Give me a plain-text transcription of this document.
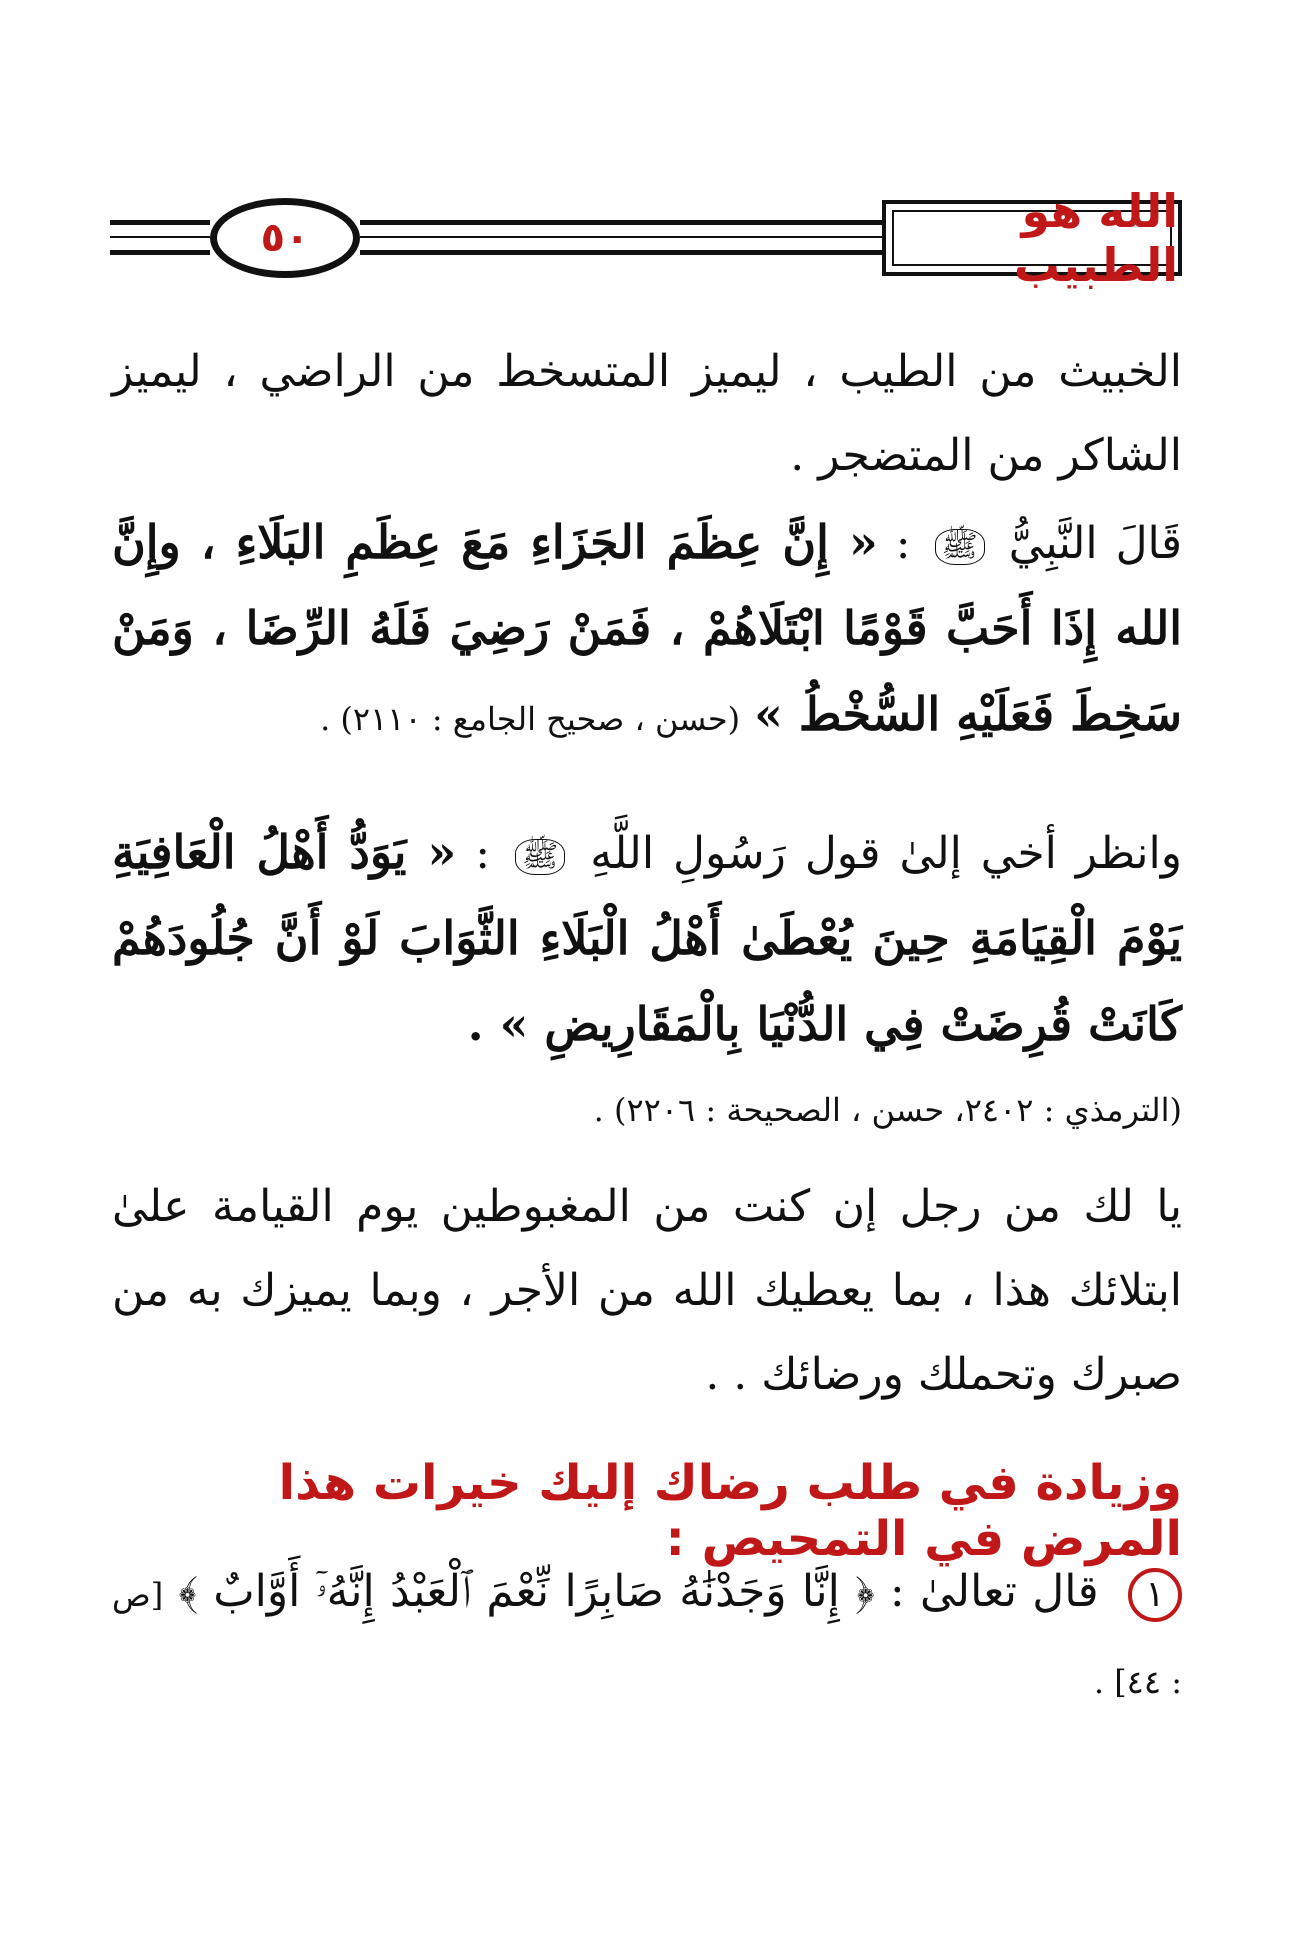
٥٠	الله هو الطبيب
الخبيث من الطيب ، ليميز المتسخط من الراضي ، ليميز الشاكر من المتضجر .
قَالَ النَّبِيُّ ﷺ : « إِنَّ عِظَمَ الجَزَاءِ مَعَ عِظَمِ البَلَاءِ ، وإِنَّ الله إِذَا أَحَبَّ قَوْمًا ابْتَلَاهُمْ ، فَمَنْ رَضِيَ فَلَهُ الرِّضَا ، وَمَنْ سَخِطَ فَعَلَيْهِ السُّخْطُ » (حسن ، صحيح الجامع : ٢١١٠) .
وانظر أخي إلىٰ قول رَسُولِ اللَّهِ ﷺ : « يَوَدُّ أَهْلُ الْعَافِيَةِ يَوْمَ الْقِيَامَةِ حِينَ يُعْطَىٰ أَهْلُ الْبَلَاءِ الثَّوَابَ لَوْ أَنَّ جُلُودَهُمْ كَانَتْ قُرِضَتْ فِي الدُّنْيَا بِالْمَقَارِيضِ » .
(الترمذي : ٢٤٠٢، حسن ، الصحيحة : ٢٢٠٦) .
يا لك من رجل إن كنت من المغبوطين يوم القيامة علىٰ ابتلائك هذا ، بما يعطيك الله من الأجر ، وبما يميزك به من صبرك وتحملك ورضائك . .
وزيادة في طلب رضاك إليك خيرات هذا المرض في التمحيص :
١ قال تعالىٰ : ﴿ إِنَّا وَجَدْنَٰهُ صَابِرًا نِّعْمَ ٱلْعَبْدُ إِنَّهُۥٓ أَوَّابٌ ﴾ [ص : ٤٤] .
